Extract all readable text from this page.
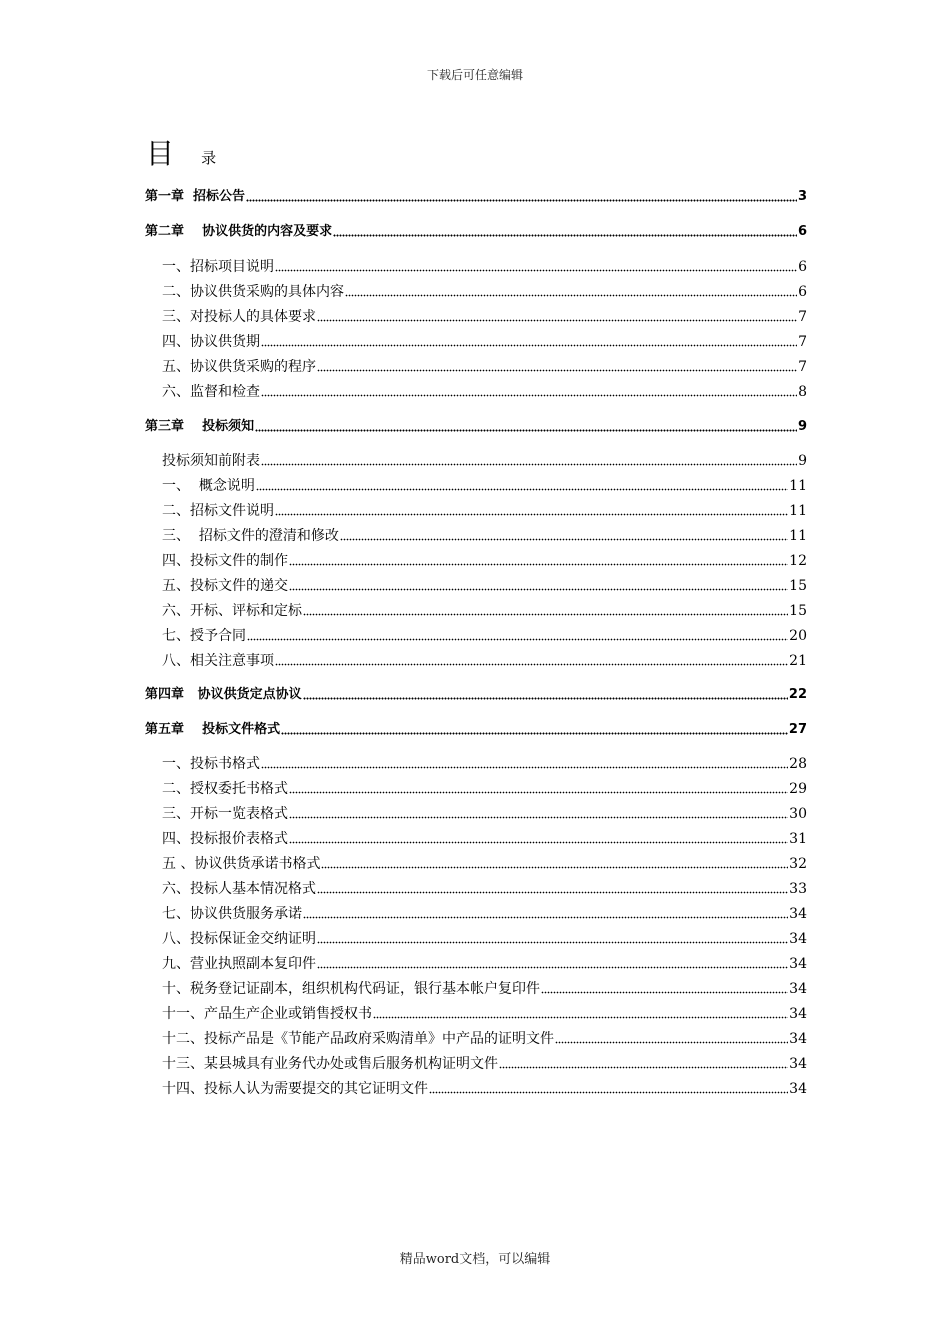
下载后可任意编辑
目 录
第一章  招标公告	3
第二章    协议供货的内容及要求	6
一、招标项目说明	6
二、协议供货采购的具体内容	6
三、对投标人的具体要求	7
四、协议供货期	7
五、协议供货采购的程序	7
六、监督和检查	8
第三章    投标须知	9
投标须知前附表	9
一、  概念说明	11
二、招标文件说明	11
三、  招标文件的澄清和修改	11
四、投标文件的制作	12
五、投标文件的递交	15
六、开标、评标和定标	15
七、授予合同	20
八、相关注意事项	21
第四章   协议供货定点协议	22
第五章    投标文件格式	27
一、投标书格式	28
二、授权委托书格式	29
三、开标一览表格式	30
四、投标报价表格式	31
五 、协议供货承诺书格式	32
六、投标人基本情况格式	33
七、协议供货服务承诺	34
八、投标保证金交纳证明	34
九、营业执照副本复印件	34
十、税务登记证副本，组织机构代码证，银行基本帐户复印件	34
十一、产品生产企业或销售授权书	34
十二、投标产品是《节能产品政府采购清单》中产品的证明文件	34
十三、某县城具有业务代办处或售后服务机构证明文件	34
十四、投标人认为需要提交的其它证明文件	34
精品word文档，可以编辑
